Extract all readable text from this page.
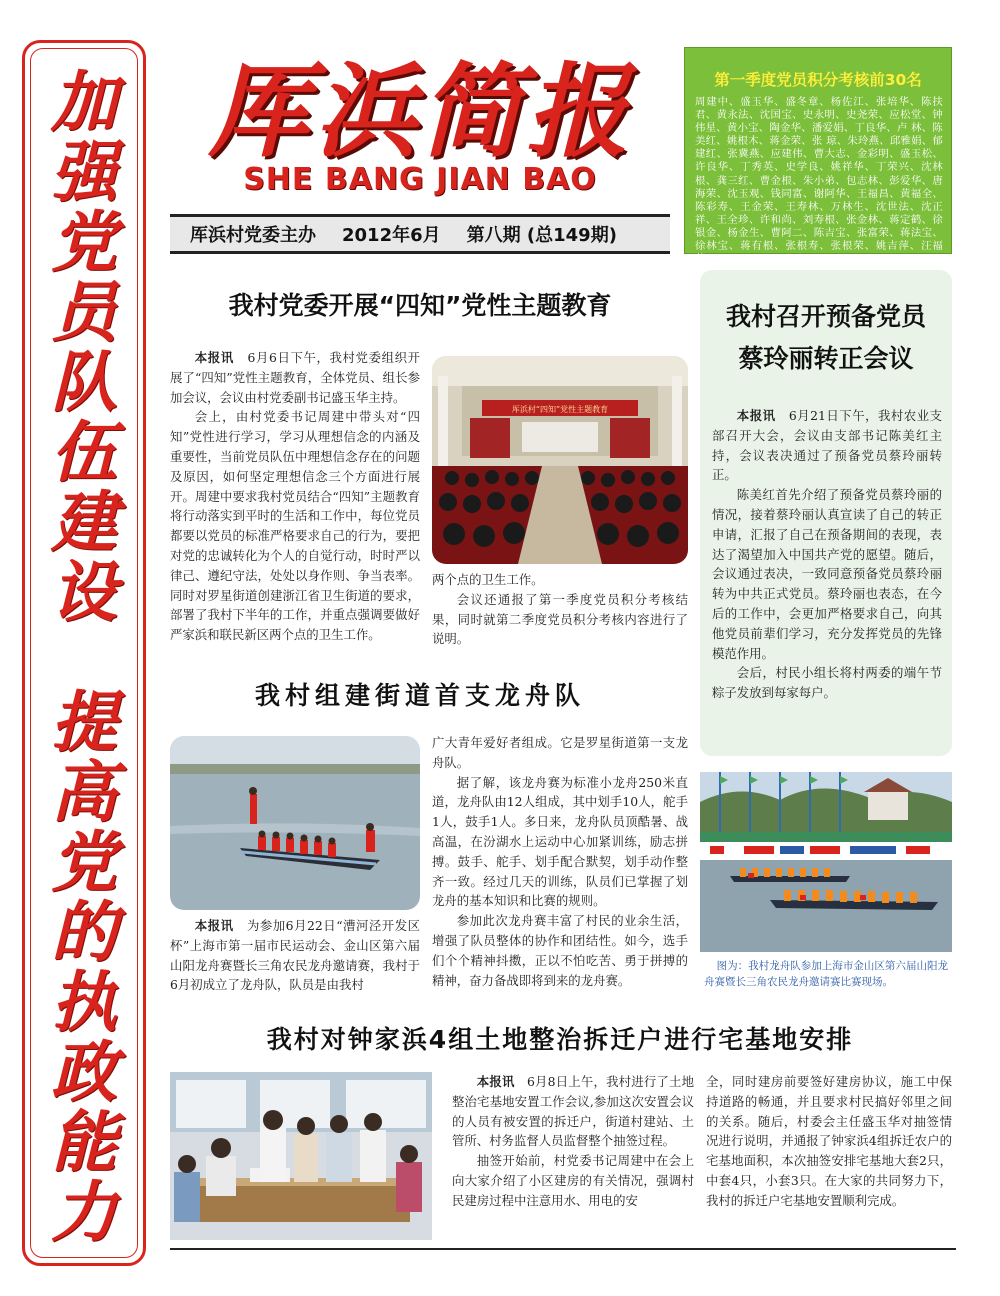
加
强
党
员
队
伍
建
设
提
高
党
的
执
政
能
力
厍浜简报
SHE BANG JIAN BAO
厍浜村党委主办 2012年6月 第八期 (总149期)
第一季度党员积分考核前30名
周建中、盛玉华、盛冬章、杨佐江、张培华、陈扶君、黄永法、沈国宝、史永明、史尧荣、应松堂、钟伟星、黄小宝、陶金华、潘爱娟、丁良华、卢 林、陈美红、姚根木、蒋金荣、张 琼、朱玲燕、邱雅娟、郁建红、张冀燕、应建伟、曹大志、金彩明、盛玉松、许良华、丁秀英、史学良、姚祥华、丁荣兴、沈林根、龚三红、曹金根、朱小弟、包志林、彭爱华、唐海荣、沈玉观、钱同富、谢阿华、王福昌、黄福全、陈彩寿、王金荣、王寿林、万林生、沈世法、沈正祥、王全珍、许和尚、刘寿根、张金林、蒋定鹤、徐银金、杨金生、曹阿二、陈吉宝、张富荣、蒋法宝、徐林宝、蒋有根、张根寿、张根荣、姚吉萍、汪福荣。
我村党委开展“四知”党性主题教育

本报讯 6月6日下午，我村党委组织开展了“四知”党性主题教育，全体党员、组长参加会议，会议由村党委副书记盛玉华主持。

会上，由村党委书记周建中带头对“四知”党性进行学习，学习从理想信念的内涵及重要性，当前党员队伍中理想信念存在的问题及原因，如何坚定理想信念三个方面进行展开。周建中要求我村党员结合“四知”主题教育将行动落实到平时的生活和工作中，每位党员都要以党员的标准严格要求自己的行为，要把对党的忠诚转化为个人的自觉行动，时时严以律己、遵纪守法，处处以身作则、争当表率。同时对罗星街道创建浙江省卫生街道的要求，部署了我村下半年的工作，并重点强调要做好严家浜和联民新区两个点的卫生工作。

厍浜村“四知”党性主题教育

两个点的卫生工作。

会议还通报了第一季度党员积分考核结果，同时就第二季度党员积分考核内容进行了说明。

我村召开预备党员
蔡玲丽转正会议

本报讯 6月21日下午，我村农业支部召开大会，会议由支部书记陈美红主持，会议表决通过了预备党员蔡玲丽转正。

陈美红首先介绍了预备党员蔡玲丽的情况，接着蔡玲丽认真宣读了自己的转正申请，汇报了自己在预备期间的表现，表达了渴望加入中国共产党的愿望。随后，会议通过表决，一致同意预备党员蔡玲丽转为中共正式党员。蔡玲丽也表态，在今后的工作中，会更加严格要求自己，向其他党员前辈们学习，充分发挥党员的先锋模范作用。

会后，村民小组长将村两委的端午节粽子发放到每家每户。

我村组建街道首支龙舟队

本报讯 为参加6月22日“漕河泾开发区杯”上海市第一届市民运动会、金山区第六届山阳龙舟赛暨长三角农民龙舟邀请赛，我村于6月初成立了龙舟队，队员是由我村

广大青年爱好者组成。它是罗星街道第一支龙舟队。

据了解，该龙舟赛为标准小龙舟250米直道，龙舟队由12人组成，其中划手10人，舵手1人，鼓手1人。多日来，龙舟队员顶酷暑、战高温，在汾湖水上运动中心加紧训练，励志拼搏。鼓手、舵手、划手配合默契，划手动作整齐一致。经过几天的训练，队员们已掌握了划龙舟的基本知识和比赛的规则。

参加此次龙舟赛丰富了村民的业余生活，增强了队员整体的协作和团结性。如今，选手们个个精神抖擞，正以不怕吃苦、勇于拼搏的精神，奋力备战即将到来的龙舟赛。

图为：我村龙舟队参加上海市金山区第六届山阳龙舟赛暨长三角农民龙舟邀请赛比赛现场。
我村对钟家浜4组土地整治拆迁户进行宅基地安排

本报讯 6月8日上午，我村进行了土地整治宅基地安置工作会议,参加这次安置会议的人员有被安置的拆迁户，街道村建站、土管所、村务监督人员监督整个抽签过程。

抽签开始前，村党委书记周建中在会上向大家介绍了小区建房的有关情况，强调村民建房过程中注意用水、用电的安

全，同时建房前要签好建房协议，施工中保持道路的畅通，并且要求村民搞好邻里之间的关系。随后，村委会主任盛玉华对抽签情况进行说明，并通报了钟家浜4组拆迁农户的宅基地面积，本次抽签安排宅基地大套2只，中套4只，小套3只。在大家的共同努力下，我村的拆迁户宅基地安置顺利完成。
